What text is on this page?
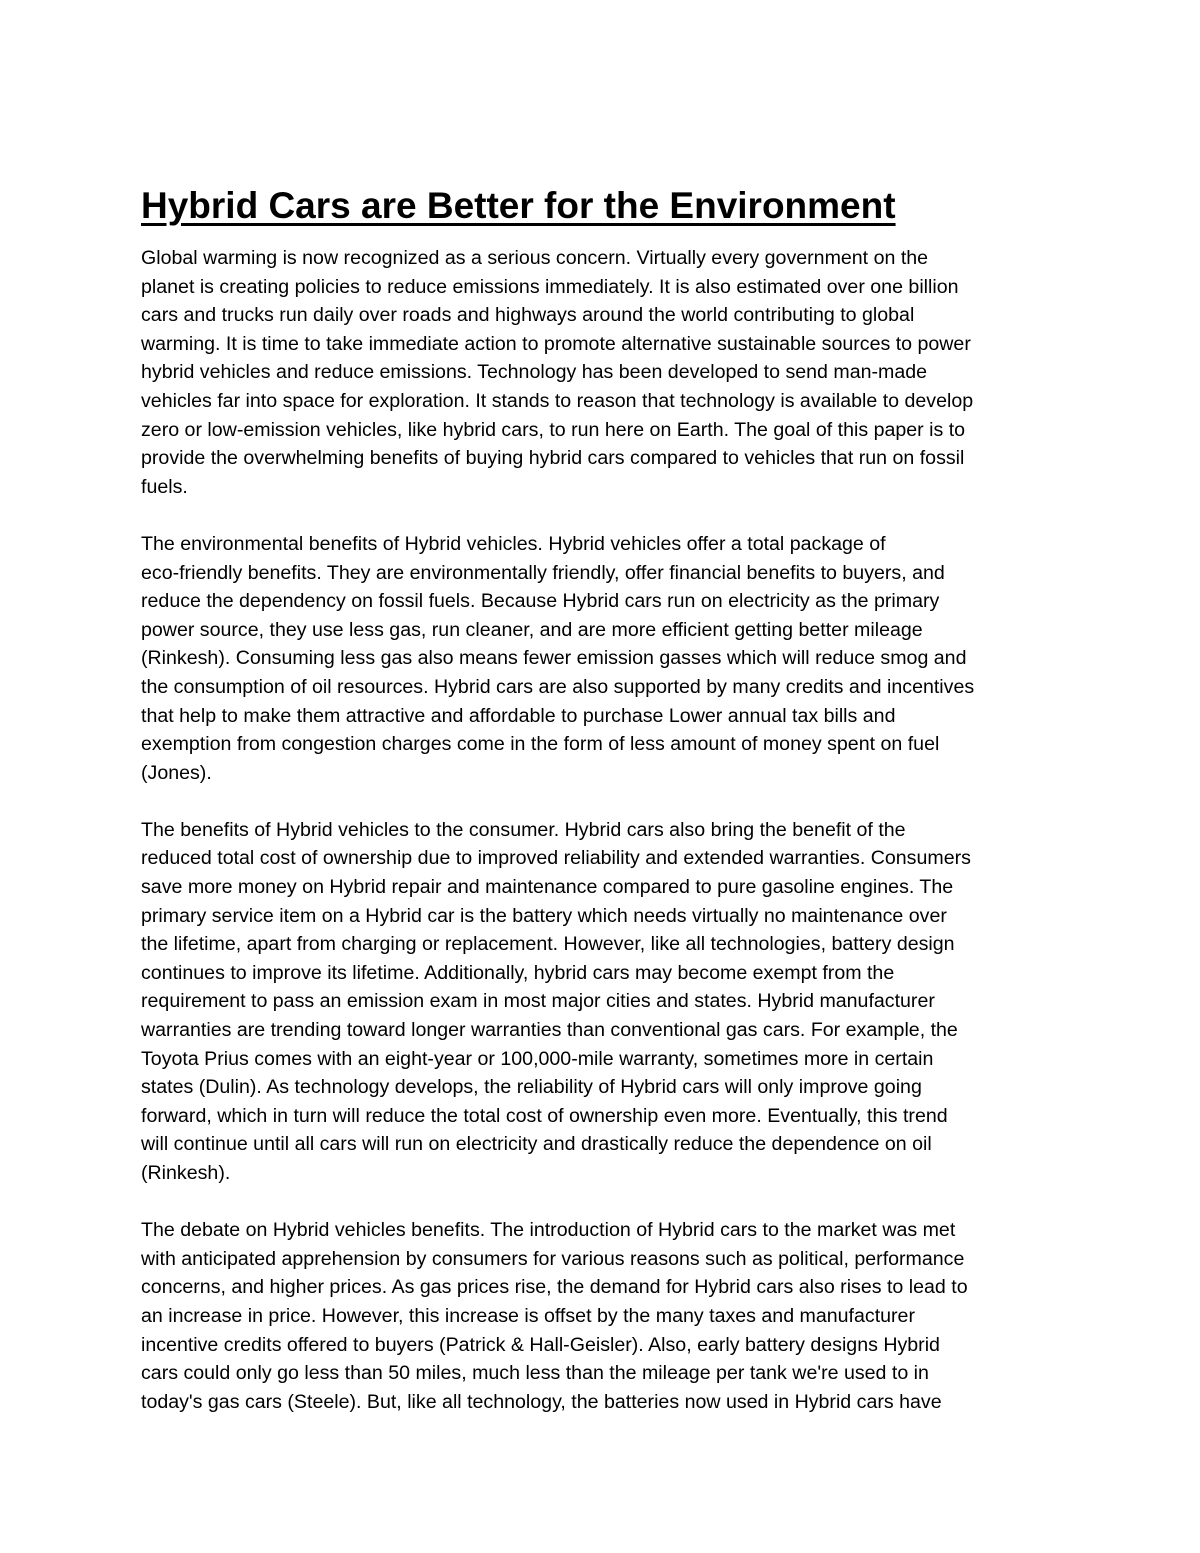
Hybrid Cars are Better for the Environment

Global warming is now recognized as a serious concern. Virtually every government on the
planet is creating policies to reduce emissions immediately. It is also estimated over one billion
cars and trucks run daily over roads and highways around the world contributing to global
warming. It is time to take immediate action to promote alternative sustainable sources to power
hybrid vehicles and reduce emissions. Technology has been developed to send man-made
vehicles far into space for exploration. It stands to reason that technology is available to develop
zero or low-emission vehicles, like hybrid cars, to run here on Earth. The goal of this paper is to
provide the overwhelming benefits of buying hybrid cars compared to vehicles that run on fossil
fuels.

The environmental benefits of Hybrid vehicles. Hybrid vehicles offer a total package of
eco-friendly benefits. They are environmentally friendly, offer financial benefits to buyers, and
reduce the dependency on fossil fuels. Because Hybrid cars run on electricity as the primary
power source, they use less gas, run cleaner, and are more efficient getting better mileage
(Rinkesh). Consuming less gas also means fewer emission gasses which will reduce smog and
the consumption of oil resources. Hybrid cars are also supported by many credits and incentives
that help to make them attractive and affordable to purchase Lower annual tax bills and
exemption from congestion charges come in the form of less amount of money spent on fuel
(Jones).

The benefits of Hybrid vehicles to the consumer. Hybrid cars also bring the benefit of the
reduced total cost of ownership due to improved reliability and extended warranties. Consumers
save more money on Hybrid repair and maintenance compared to pure gasoline engines. The
primary service item on a Hybrid car is the battery which needs virtually no maintenance over
the lifetime, apart from charging or replacement. However, like all technologies, battery design
continues to improve its lifetime. Additionally, hybrid cars may become exempt from the
requirement to pass an emission exam in most major cities and states. Hybrid manufacturer
warranties are trending toward longer warranties than conventional gas cars. For example, the
Toyota Prius comes with an eight-year or 100,000-mile warranty, sometimes more in certain
states (Dulin). As technology develops, the reliability of Hybrid cars will only improve going
forward, which in turn will reduce the total cost of ownership even more. Eventually, this trend
will continue until all cars will run on electricity and drastically reduce the dependence on oil
(Rinkesh).

The debate on Hybrid vehicles benefits. The introduction of Hybrid cars to the market was met
with anticipated apprehension by consumers for various reasons such as political, performance
concerns, and higher prices. As gas prices rise, the demand for Hybrid cars also rises to lead to
an increase in price. However, this increase is offset by the many taxes and manufacturer
incentive credits offered to buyers (Patrick & Hall-Geisler). Also, early battery designs Hybrid
cars could only go less than 50 miles, much less than the mileage per tank we're used to in
today's gas cars (Steele). But, like all technology, the batteries now used in Hybrid cars have
